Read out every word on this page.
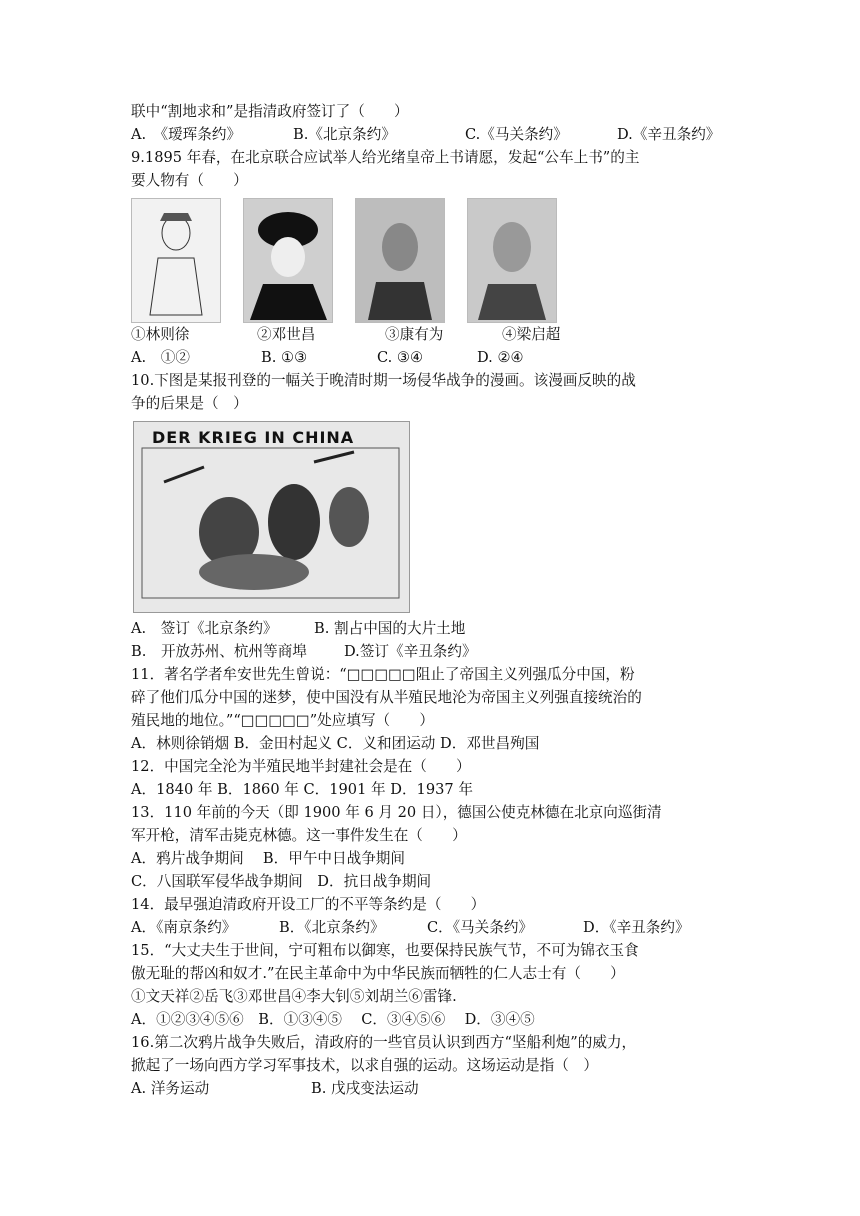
联中“割地求和”是指清政府签订了（　　）
A.　《瑷珲条约》	B.《北京条约》	C.《马关条约》	D.《辛丑条约》
9.1895 年春，在北京联合应试举人给光绪皇帝上书请愿，发起“公车上书”的主
要人物有（　　）
①林则徐	②邓世昌	③康有为	④梁启超
A.　①②	B. ①③	C. ③④	D. ②④
10.下图是某报刊登的一幅关于晚清时期一场侵华战争的漫画。该漫画反映的战
争的后果是（　）
DER KRIEG IN CHINA
A.　签订《北京条约》	B. 割占中国的大片土地
B.　开放苏州、杭州等商埠	D.签订《辛丑条约》
11．著名学者牟安世先生曾说：“□□□□□阻止了帝国主义列强瓜分中国，粉
碎了他们瓜分中国的迷梦，使中国没有从半殖民地沦为帝国主义列强直接统治的
殖民地的地位。”“□□□□□”处应填写（　　）
A．林则徐销烟 B．金田村起义 C．义和团运动 D．邓世昌殉国
12．中国完全沦为半殖民地半封建社会是在（　　）
A．1840 年 B．1860 年 C．1901 年 D．1937 年
13．110 年前的今天（即 1900 年 6 月 20 日），德国公使克林德在北京向巡街清
军开枪，清军击毙克林德。这一事件发生在（　　）
A．鸦片战争期间　 B．甲午中日战争期间
C．八国联军侵华战争期间　D．抗日战争期间
14．最早强迫清政府开设工厂的不平等条约是（　　）
A．《南京条约》	B．《北京条约》	C．《马关条约》	D．《辛丑条约》
15．“大丈夫生于世间，宁可粗布以御寒，也要保持民族气节，不可为锦衣玉食
傲无耻的帮凶和奴才.”在民主革命中为中华民族而牺牲的仁人志士有（　　）
①文天祥②岳飞③邓世昌④李大钊⑤刘胡兰⑥雷锋.
A．①②③④⑤⑥　B．①③④⑤　 C．③④⑤⑥　 D．③④⑤
16.第二次鸦片战争失败后，清政府的一些官员认识到西方“坚船利炮”的威力，
掀起了一场向西方学习军事技术，以求自强的运动。这场运动是指（　）
A. 洋务运动	B. 戊戌变法运动
